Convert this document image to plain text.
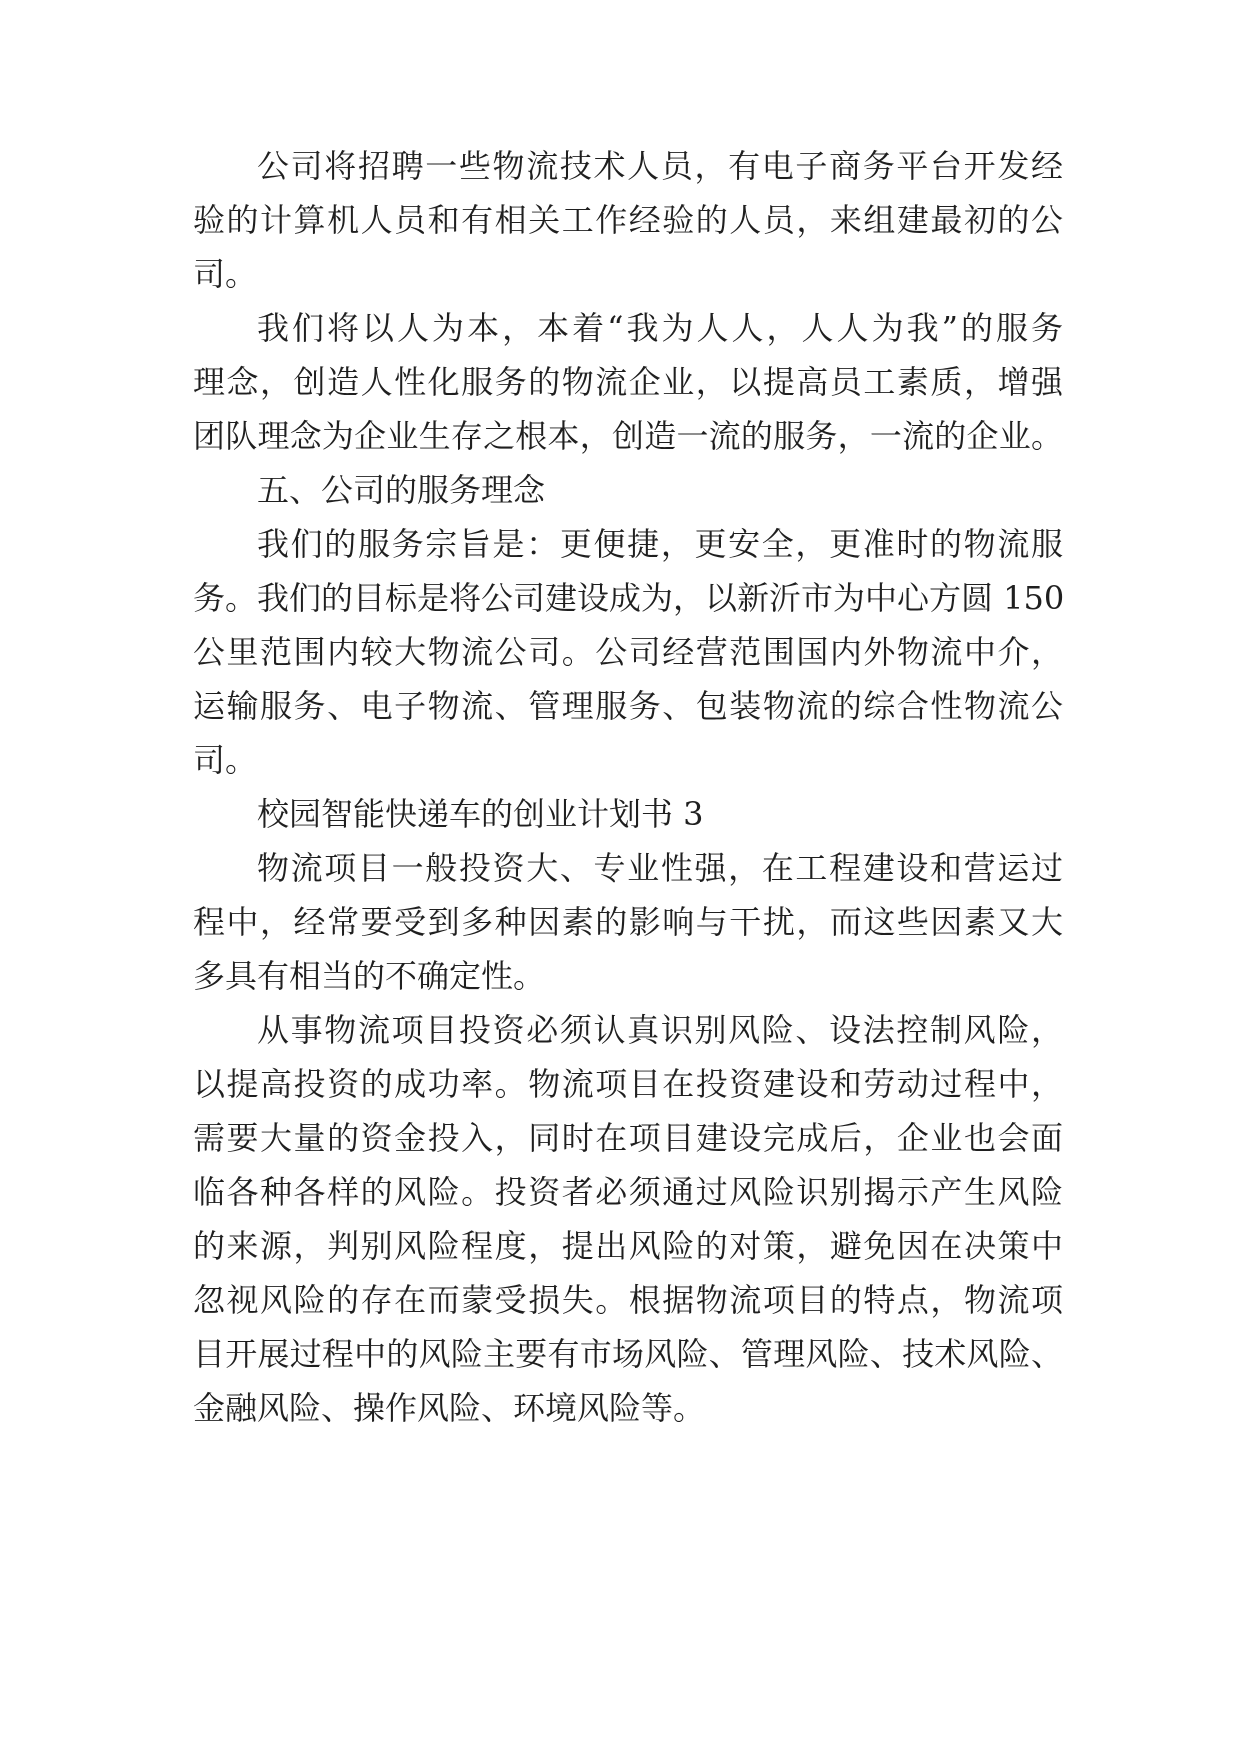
公司将招聘一些物流技术人员，有电子商务平台开发经
验的计算机人员和有相关工作经验的人员，来组建最初的公
司。
我们将以人为本，本着“我为人人，人人为我”的服务
理念，创造人性化服务的物流企业，以提高员工素质，增强
团队理念为企业生存之根本，创造一流的服务，一流的企业。
五、公司的服务理念
我们的服务宗旨是：更便捷，更安全，更准时的物流服
务。我们的目标是将公司建设成为，以新沂市为中心方圆 150
公里范围内较大物流公司。公司经营范围国内外物流中介，
运输服务、电子物流、管理服务、包装物流的综合性物流公
司。
校园智能快递车的创业计划书 3
物流项目一般投资大、专业性强，在工程建设和营运过
程中，经常要受到多种因素的影响与干扰，而这些因素又大
多具有相当的不确定性。
从事物流项目投资必须认真识别风险、设法控制风险，
以提高投资的成功率。物流项目在投资建设和劳动过程中，
需要大量的资金投入，同时在项目建设完成后，企业也会面
临各种各样的风险。投资者必须通过风险识别揭示产生风险
的来源，判别风险程度，提出风险的对策，避免因在决策中
忽视风险的存在而蒙受损失。根据物流项目的特点，物流项
目开展过程中的风险主要有市场风险、管理风险、技术风险、
金融风险、操作风险、环境风险等。
